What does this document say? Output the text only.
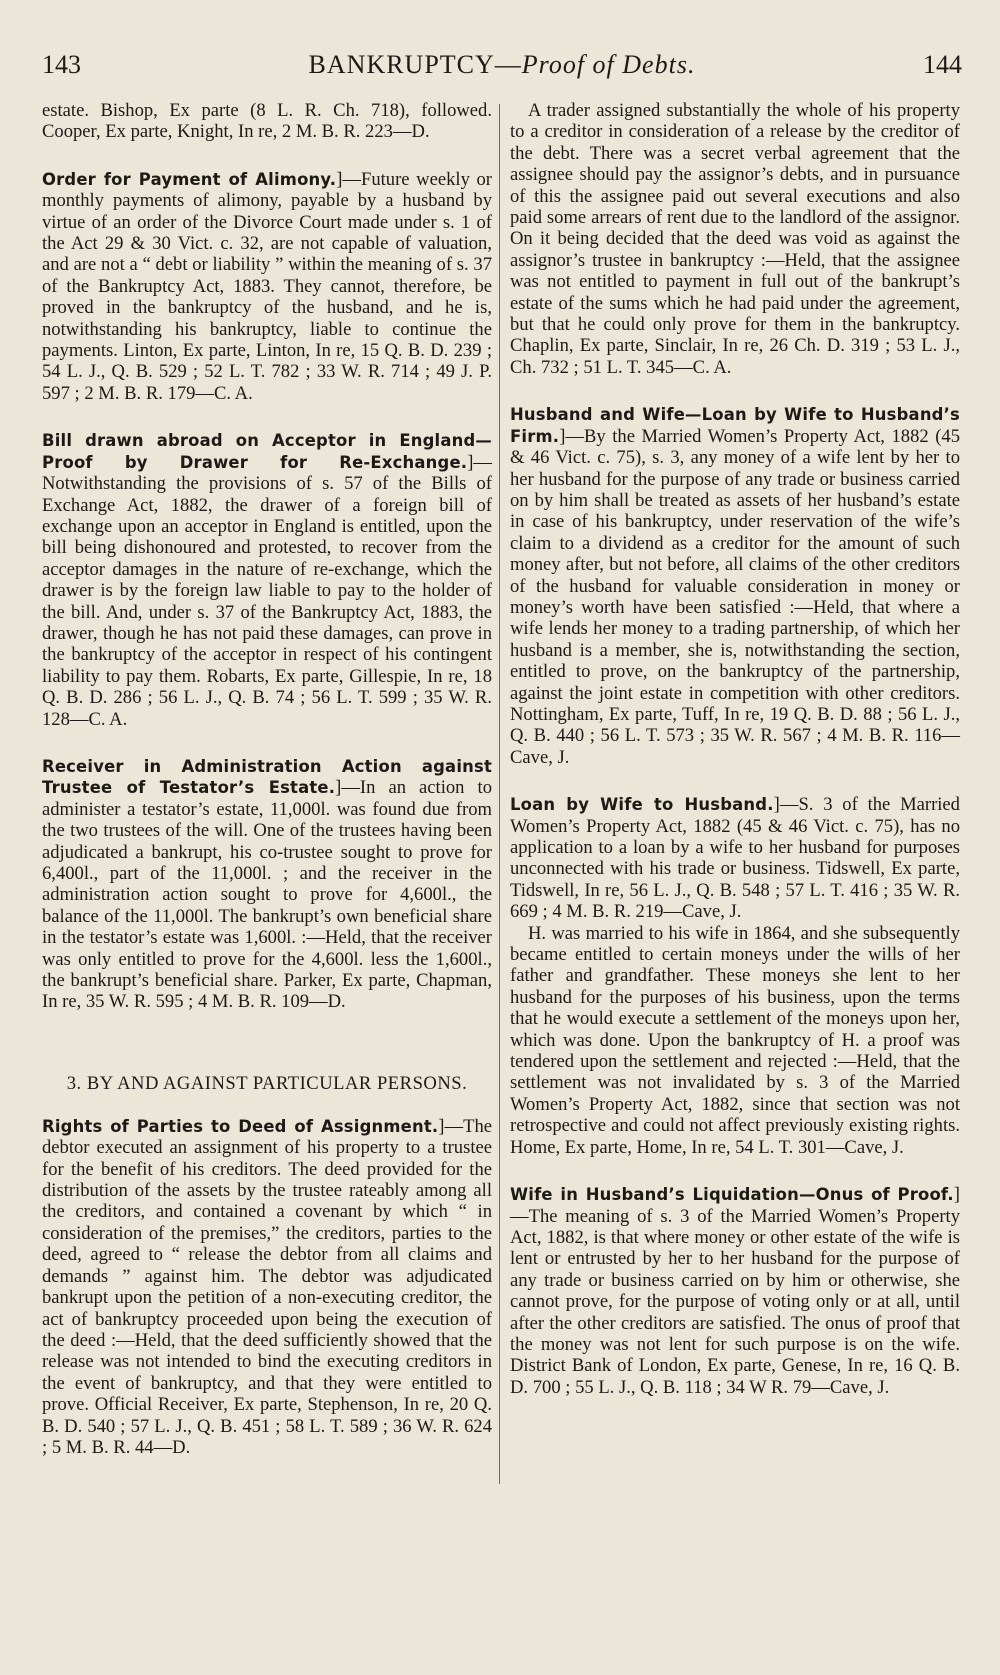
143	BANKRUPTCY—Proof of Debts.	144

estate. Bishop, Ex parte (8 L. R. Ch. 718), followed. Cooper, Ex parte, Knight, In re, 2 M. B. R. 223—D.

Order for Payment of Alimony.]—Future weekly or monthly payments of alimony, payable by a husband by virtue of an order of the Divorce Court made under s. 1 of the Act 29 & 30 Vict. c. 32, are not capable of valuation, and are not a “ debt or liability ” within the meaning of s. 37 of the Bankruptcy Act, 1883. They cannot, therefore, be proved in the bankruptcy of the husband, and he is, notwithstanding his bankruptcy, liable to continue the payments. Linton, Ex parte, Linton, In re, 15 Q. B. D. 239 ; 54 L. J., Q. B. 529 ; 52 L. T. 782 ; 33 W. R. 714 ; 49 J. P. 597 ; 2 M. B. R. 179—C. A.

Bill drawn abroad on Acceptor in England—Proof by Drawer for Re-Exchange.]—Notwithstanding the provisions of s. 57 of the Bills of Exchange Act, 1882, the drawer of a foreign bill of exchange upon an acceptor in England is entitled, upon the bill being dishonoured and protested, to recover from the acceptor damages in the nature of re-exchange, which the drawer is by the foreign law liable to pay to the holder of the bill. And, under s. 37 of the Bankruptcy Act, 1883, the drawer, though he has not paid these damages, can prove in the bankruptcy of the acceptor in respect of his contingent liability to pay them. Robarts, Ex parte, Gillespie, In re, 18 Q. B. D. 286 ; 56 L. J., Q. B. 74 ; 56 L. T. 599 ; 35 W. R. 128—C. A.

Receiver in Administration Action against Trustee of Testator’s Estate.]—In an action to administer a testator’s estate, 11,000l. was found due from the two trustees of the will. One of the trustees having been adjudicated a bankrupt, his co-trustee sought to prove for 6,400l., part of the 11,000l. ; and the receiver in the administration action sought to prove for 4,600l., the balance of the 11,000l. The bankrupt’s own beneficial share in the testator’s estate was 1,600l. :—Held, that the receiver was only entitled to prove for the 4,600l. less the 1,600l., the bankrupt’s beneficial share. Parker, Ex parte, Chapman, In re, 35 W. R. 595 ; 4 M. B. R. 109—D.

3. BY AND AGAINST PARTICULAR PERSONS.

Rights of Parties to Deed of Assignment.]—The debtor executed an assignment of his property to a trustee for the benefit of his creditors. The deed provided for the distribution of the assets by the trustee rateably among all the creditors, and contained a covenant by which “ in consideration of the premises,” the creditors, parties to the deed, agreed to “ release the debtor from all claims and demands ” against him. The debtor was adjudicated bankrupt upon the petition of a non-executing creditor, the act of bankruptcy proceeded upon being the execution of the deed :—Held, that the deed sufficiently showed that the release was not intended to bind the executing creditors in the event of bankruptcy, and that they were entitled to prove. Official Receiver, Ex parte, Stephenson, In re, 20 Q. B. D. 540 ; 57 L. J., Q. B. 451 ; 58 L. T. 589 ; 36 W. R. 624 ; 5 M. B. R. 44—D.

A trader assigned substantially the whole of his property to a creditor in consideration of a release by the creditor of the debt. There was a secret verbal agreement that the assignee should pay the assignor’s debts, and in pursuance of this the assignee paid out several executions and also paid some arrears of rent due to the landlord of the assignor. On it being decided that the deed was void as against the assignor’s trustee in bankruptcy :—Held, that the assignee was not entitled to payment in full out of the bankrupt’s estate of the sums which he had paid under the agreement, but that he could only prove for them in the bankruptcy. Chaplin, Ex parte, Sinclair, In re, 26 Ch. D. 319 ; 53 L. J., Ch. 732 ; 51 L. T. 345—C. A.

Husband and Wife—Loan by Wife to Husband’s Firm.]—By the Married Women’s Property Act, 1882 (45 & 46 Vict. c. 75), s. 3, any money of a wife lent by her to her husband for the purpose of any trade or business carried on by him shall be treated as assets of her husband’s estate in case of his bankruptcy, under reservation of the wife’s claim to a dividend as a creditor for the amount of such money after, but not before, all claims of the other creditors of the husband for valuable consideration in money or money’s worth have been satisfied :—Held, that where a wife lends her money to a trading partnership, of which her husband is a member, she is, notwithstanding the section, entitled to prove, on the bankruptcy of the partnership, against the joint estate in competition with other creditors. Nottingham, Ex parte, Tuff, In re, 19 Q. B. D. 88 ; 56 L. J., Q. B. 440 ; 56 L. T. 573 ; 35 W. R. 567 ; 4 M. B. R. 116—Cave, J.

Loan by Wife to Husband.]—S. 3 of the Married Women’s Property Act, 1882 (45 & 46 Vict. c. 75), has no application to a loan by a wife to her husband for purposes unconnected with his trade or business. Tidswell, Ex parte, Tidswell, In re, 56 L. J., Q. B. 548 ; 57 L. T. 416 ; 35 W. R. 669 ; 4 M. B. R. 219—Cave, J.

H. was married to his wife in 1864, and she subsequently became entitled to certain moneys under the wills of her father and grandfather. These moneys she lent to her husband for the purposes of his business, upon the terms that he would execute a settlement of the moneys upon her, which was done. Upon the bankruptcy of H. a proof was tendered upon the settlement and rejected :—Held, that the settlement was not invalidated by s. 3 of the Married Women’s Property Act, 1882, since that section was not retrospective and could not affect previously existing rights. Home, Ex parte, Home, In re, 54 L. T. 301—Cave, J.

Wife in Husband’s Liquidation—Onus of Proof.]—The meaning of s. 3 of the Married Women’s Property Act, 1882, is that where money or other estate of the wife is lent or entrusted by her to her husband for the purpose of any trade or business carried on by him or otherwise, she cannot prove, for the purpose of voting only or at all, until after the other creditors are satisfied. The onus of proof that the money was not lent for such purpose is on the wife. District Bank of London, Ex parte, Genese, In re, 16 Q. B. D. 700 ; 55 L. J., Q. B. 118 ; 34 W R. 79—Cave, J.
